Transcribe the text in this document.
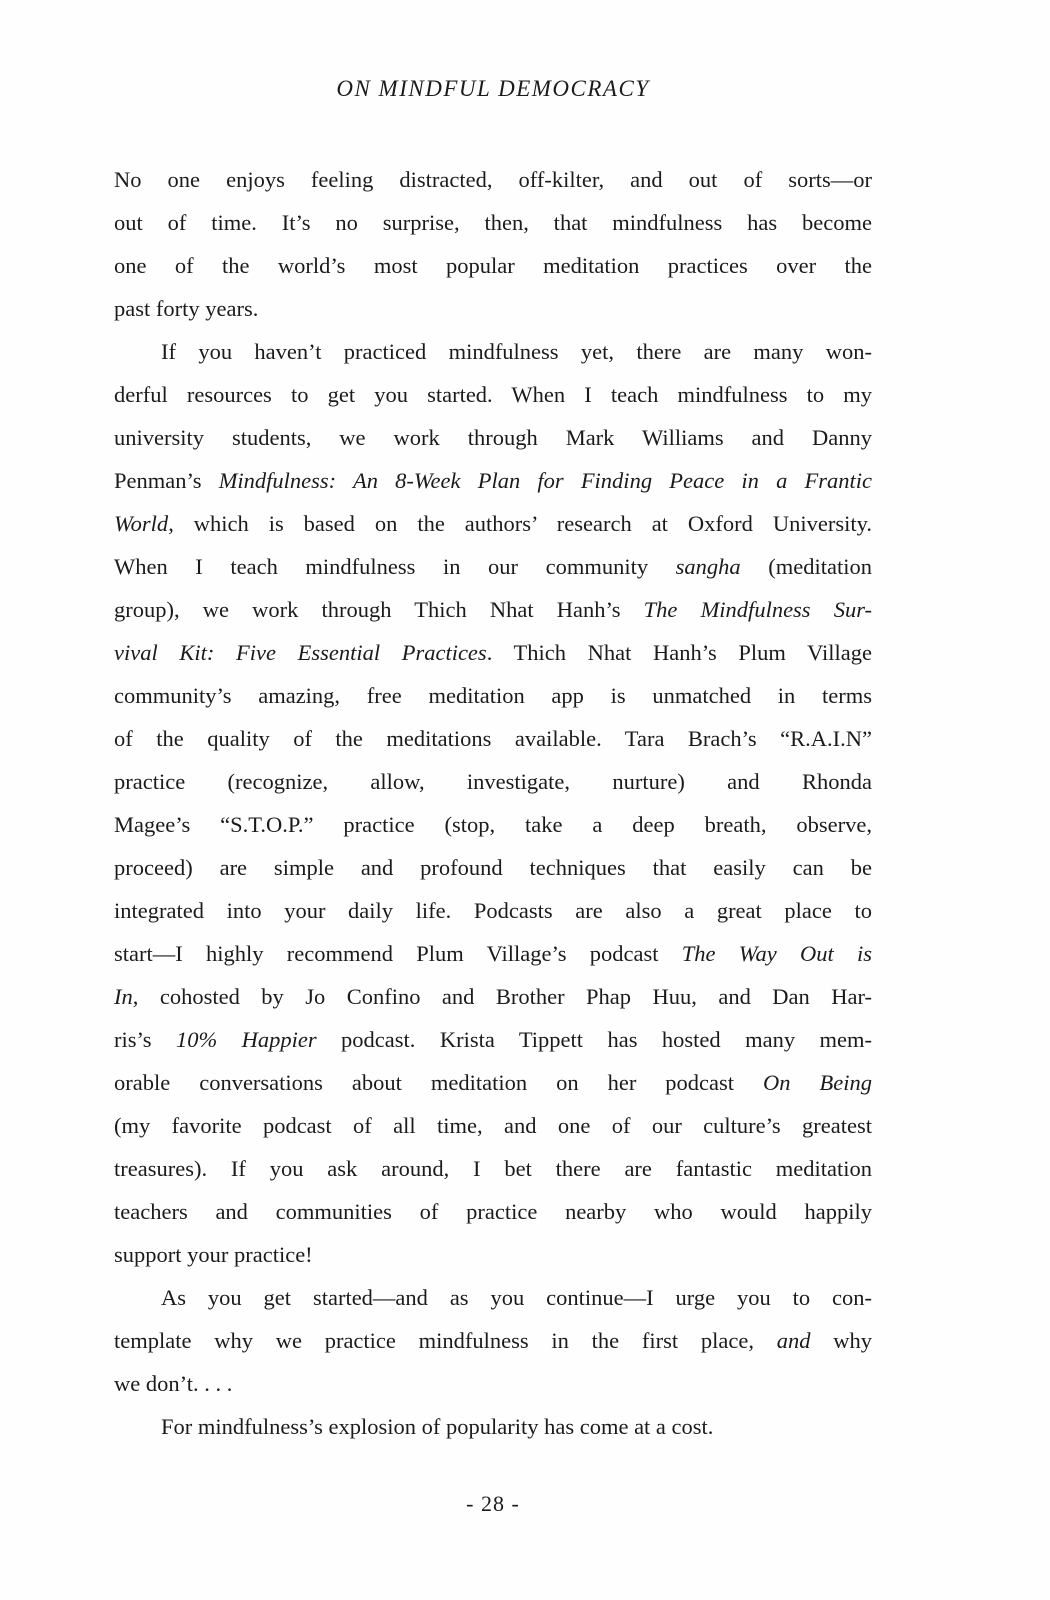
ON MINDFUL DEMOCRACY
No one enjoys feeling distracted, off-kilter, and out of sorts—or
out of time. It’s no surprise, then, that mindfulness has become
one of the world’s most popular meditation practices over the
past forty years.
If you haven’t practiced mindfulness yet, there are many won-
derful resources to get you started. When I teach mindfulness to my
university students, we work through Mark Williams and Danny
Penman’s Mindfulness: An 8-Week Plan for Finding Peace in a Frantic
World, which is based on the authors’ research at Oxford University.
When I teach mindfulness in our community sangha (meditation
group), we work through Thich Nhat Hanh’s The Mindfulness Sur-
vival Kit: Five Essential Practices. Thich Nhat Hanh’s Plum Village
community’s amazing, free meditation app is unmatched in terms
of the quality of the meditations available. Tara Brach’s “R.A.I.N”
practice (recognize, allow, investigate, nurture) and Rhonda
Magee’s “S.T.O.P.” practice (stop, take a deep breath, observe,
proceed) are simple and profound techniques that easily can be
integrated into your daily life. Podcasts are also a great place to
start—I highly recommend Plum Village’s podcast The Way Out is
In, cohosted by Jo Confino and Brother Phap Huu, and Dan Har-
ris’s 10% Happier podcast. Krista Tippett has hosted many mem-
orable conversations about meditation on her podcast On Being
(my favorite podcast of all time, and one of our culture’s greatest
treasures). If you ask around, I bet there are fantastic meditation
teachers and communities of practice nearby who would happily
support your practice!
As you get started—and as you continue—I urge you to con-
template why we practice mindfulness in the first place, and why
we don’t. . . .
For mindfulness’s explosion of popularity has come at a cost.
- 28 -
